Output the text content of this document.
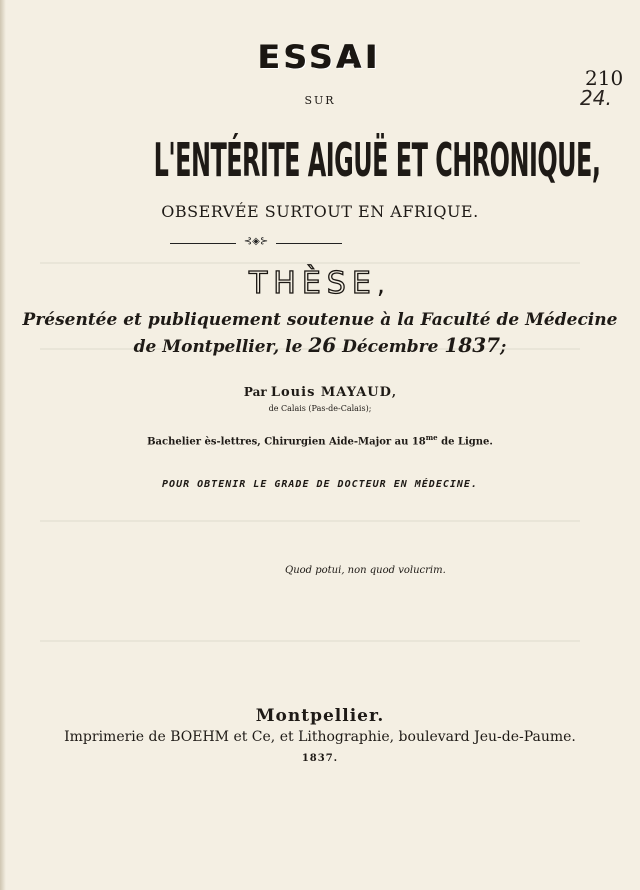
ESSAI
SUR
L'ENTÉRITE AIGUË ET CHRONIQUE,
OBSERVÉE SURTOUT EN AFRIQUE.
⊰◈⊱
THÈSE,
Présentée et publiquement soutenue à la Faculté de Médecine
de Montpellier, le 26 Décembre 1837;
Par Louis MAYAUD,
de Calais (Pas-de-Calais);
Bachelier ès-lettres, Chirurgien Aide-Major au $18^{me}$ de Ligne.
POUR OBTENIR LE GRADE DE DOCTEUR EN MÉDECINE.
Quod potui, non quod volucrim.
Montpellier.
Imprimerie de BOEHM et Ce, et Lithographie, boulevard Jeu-de-Paume.
1837.
210
24.
